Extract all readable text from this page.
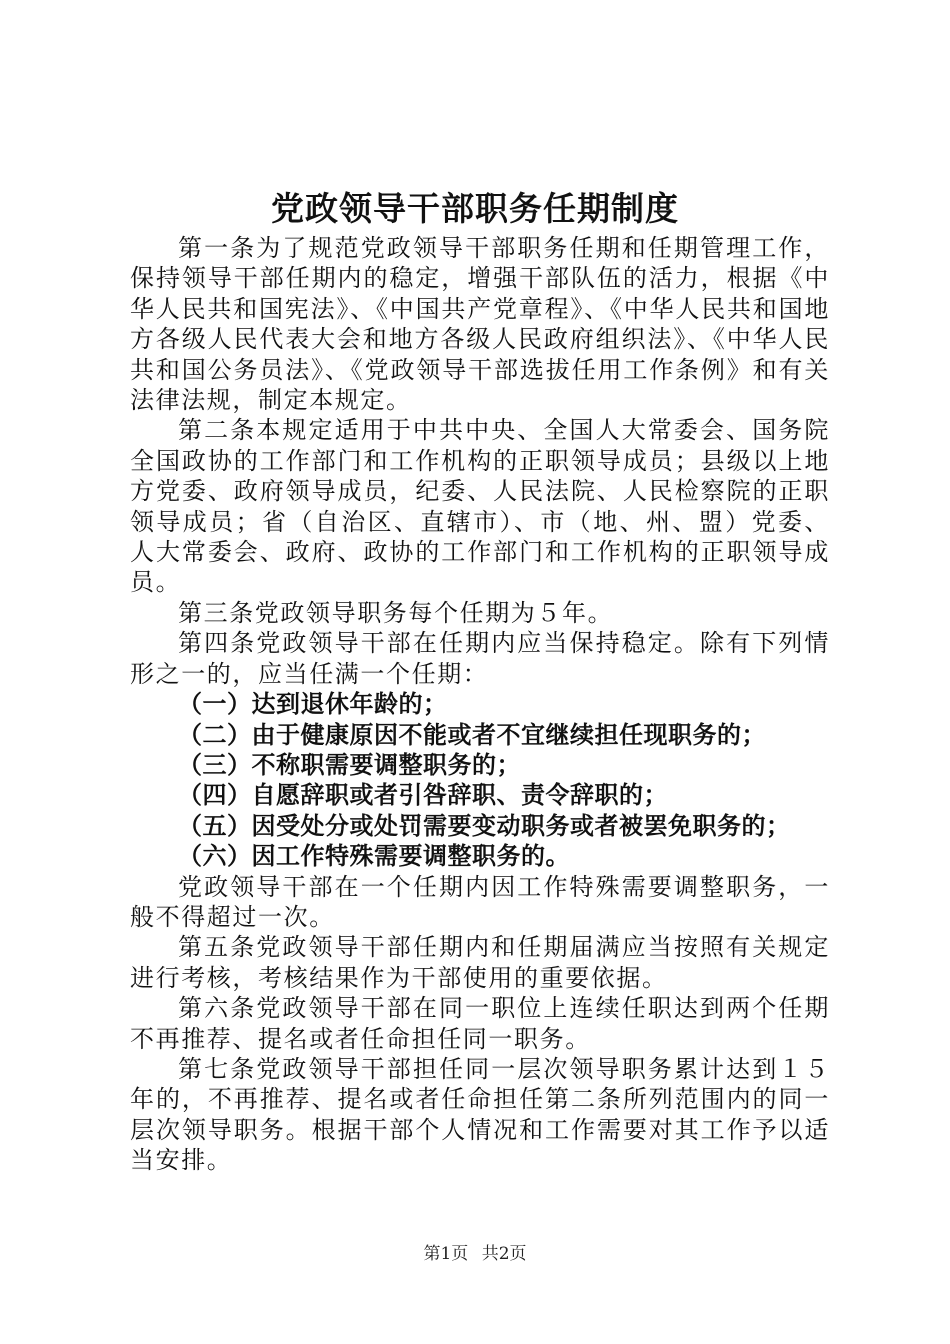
党政领导干部职务任期制度

第一条为了规范党政领导干部职务任期和任期管理工作，保持领导干部任期内的稳定，增强干部队伍的活力，根据《中华人民共和国宪法》、《中国共产党章程》、《中华人民共和国地方各级人民代表大会和地方各级人民政府组织法》、《中华人民共和国公务员法》、《党政领导干部选拔任用工作条例》和有关法律法规，制定本规定。

第二条本规定适用于中共中央、全国人大常委会、国务院全国政协的工作部门和工作机构的正职领导成员；县级以上地方党委、政府领导成员，纪委、人民法院、人民检察院的正职领导成员；省（自治区、直辖市）、市（地、州、盟）党委、人大常委会、政府、政协的工作部门和工作机构的正职领导成员。

第三条党政领导职务每个任期为５年。

第四条党政领导干部在任期内应当保持稳定。除有下列情形之一的，应当任满一个任期：

（一）达到退休年龄的；

（二）由于健康原因不能或者不宜继续担任现职务的；

（三）不称职需要调整职务的；

（四）自愿辞职或者引咎辞职、责令辞职的；

（五）因受处分或处罚需要变动职务或者被罢免职务的；

（六）因工作特殊需要调整职务的。

党政领导干部在一个任期内因工作特殊需要调整职务，一般不得超过一次。

第五条党政领导干部任期内和任期届满应当按照有关规定进行考核，考核结果作为干部使用的重要依据。

第六条党政领导干部在同一职位上连续任职达到两个任期不再推荐、提名或者任命担任同一职务。

第七条党政领导干部担任同一层次领导职务累计达到１５年的，不再推荐、提名或者任命担任第二条所列范围内的同一层次领导职务。根据干部个人情况和工作需要对其工作予以适当安排。

第1页 共2页
